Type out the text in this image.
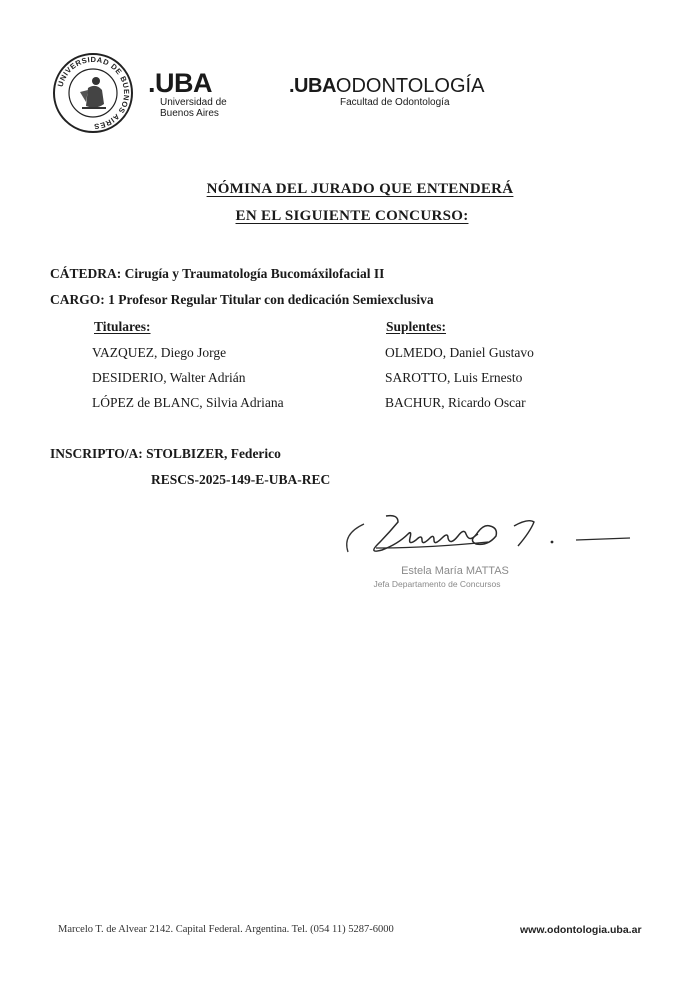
UNIVERSIDAD DE BUENOS AIRES
.UBA
Universidad de
Buenos Aires
.UBAODONTOLOGÍA
Facultad de Odontología
NÓMINA DEL JURADO QUE ENTENDERÁ
EN EL SIGUIENTE CONCURSO:
CÁTEDRA: Cirugía y Traumatología Bucomáxilofacial II
CARGO: 1 Profesor Regular Titular con dedicación Semiexclusiva
Titulares:
VAZQUEZ, Diego Jorge
DESIDERIO, Walter Adrián
LÓPEZ de BLANC, Silvia Adriana
Suplentes:
OLMEDO, Daniel Gustavo
SAROTTO, Luis Ernesto
BACHUR, Ricardo Oscar
INSCRIPTO/A: STOLBIZER, Federico
RESCS-2025-149-E-UBA-REC
Estela María MATTAS
Jefa Departamento de Concursos
Marcelo T. de Alvear 2142. Capital Federal. Argentina. Tel. (054 11) 5287-6000	www.odontologia.uba.ar
